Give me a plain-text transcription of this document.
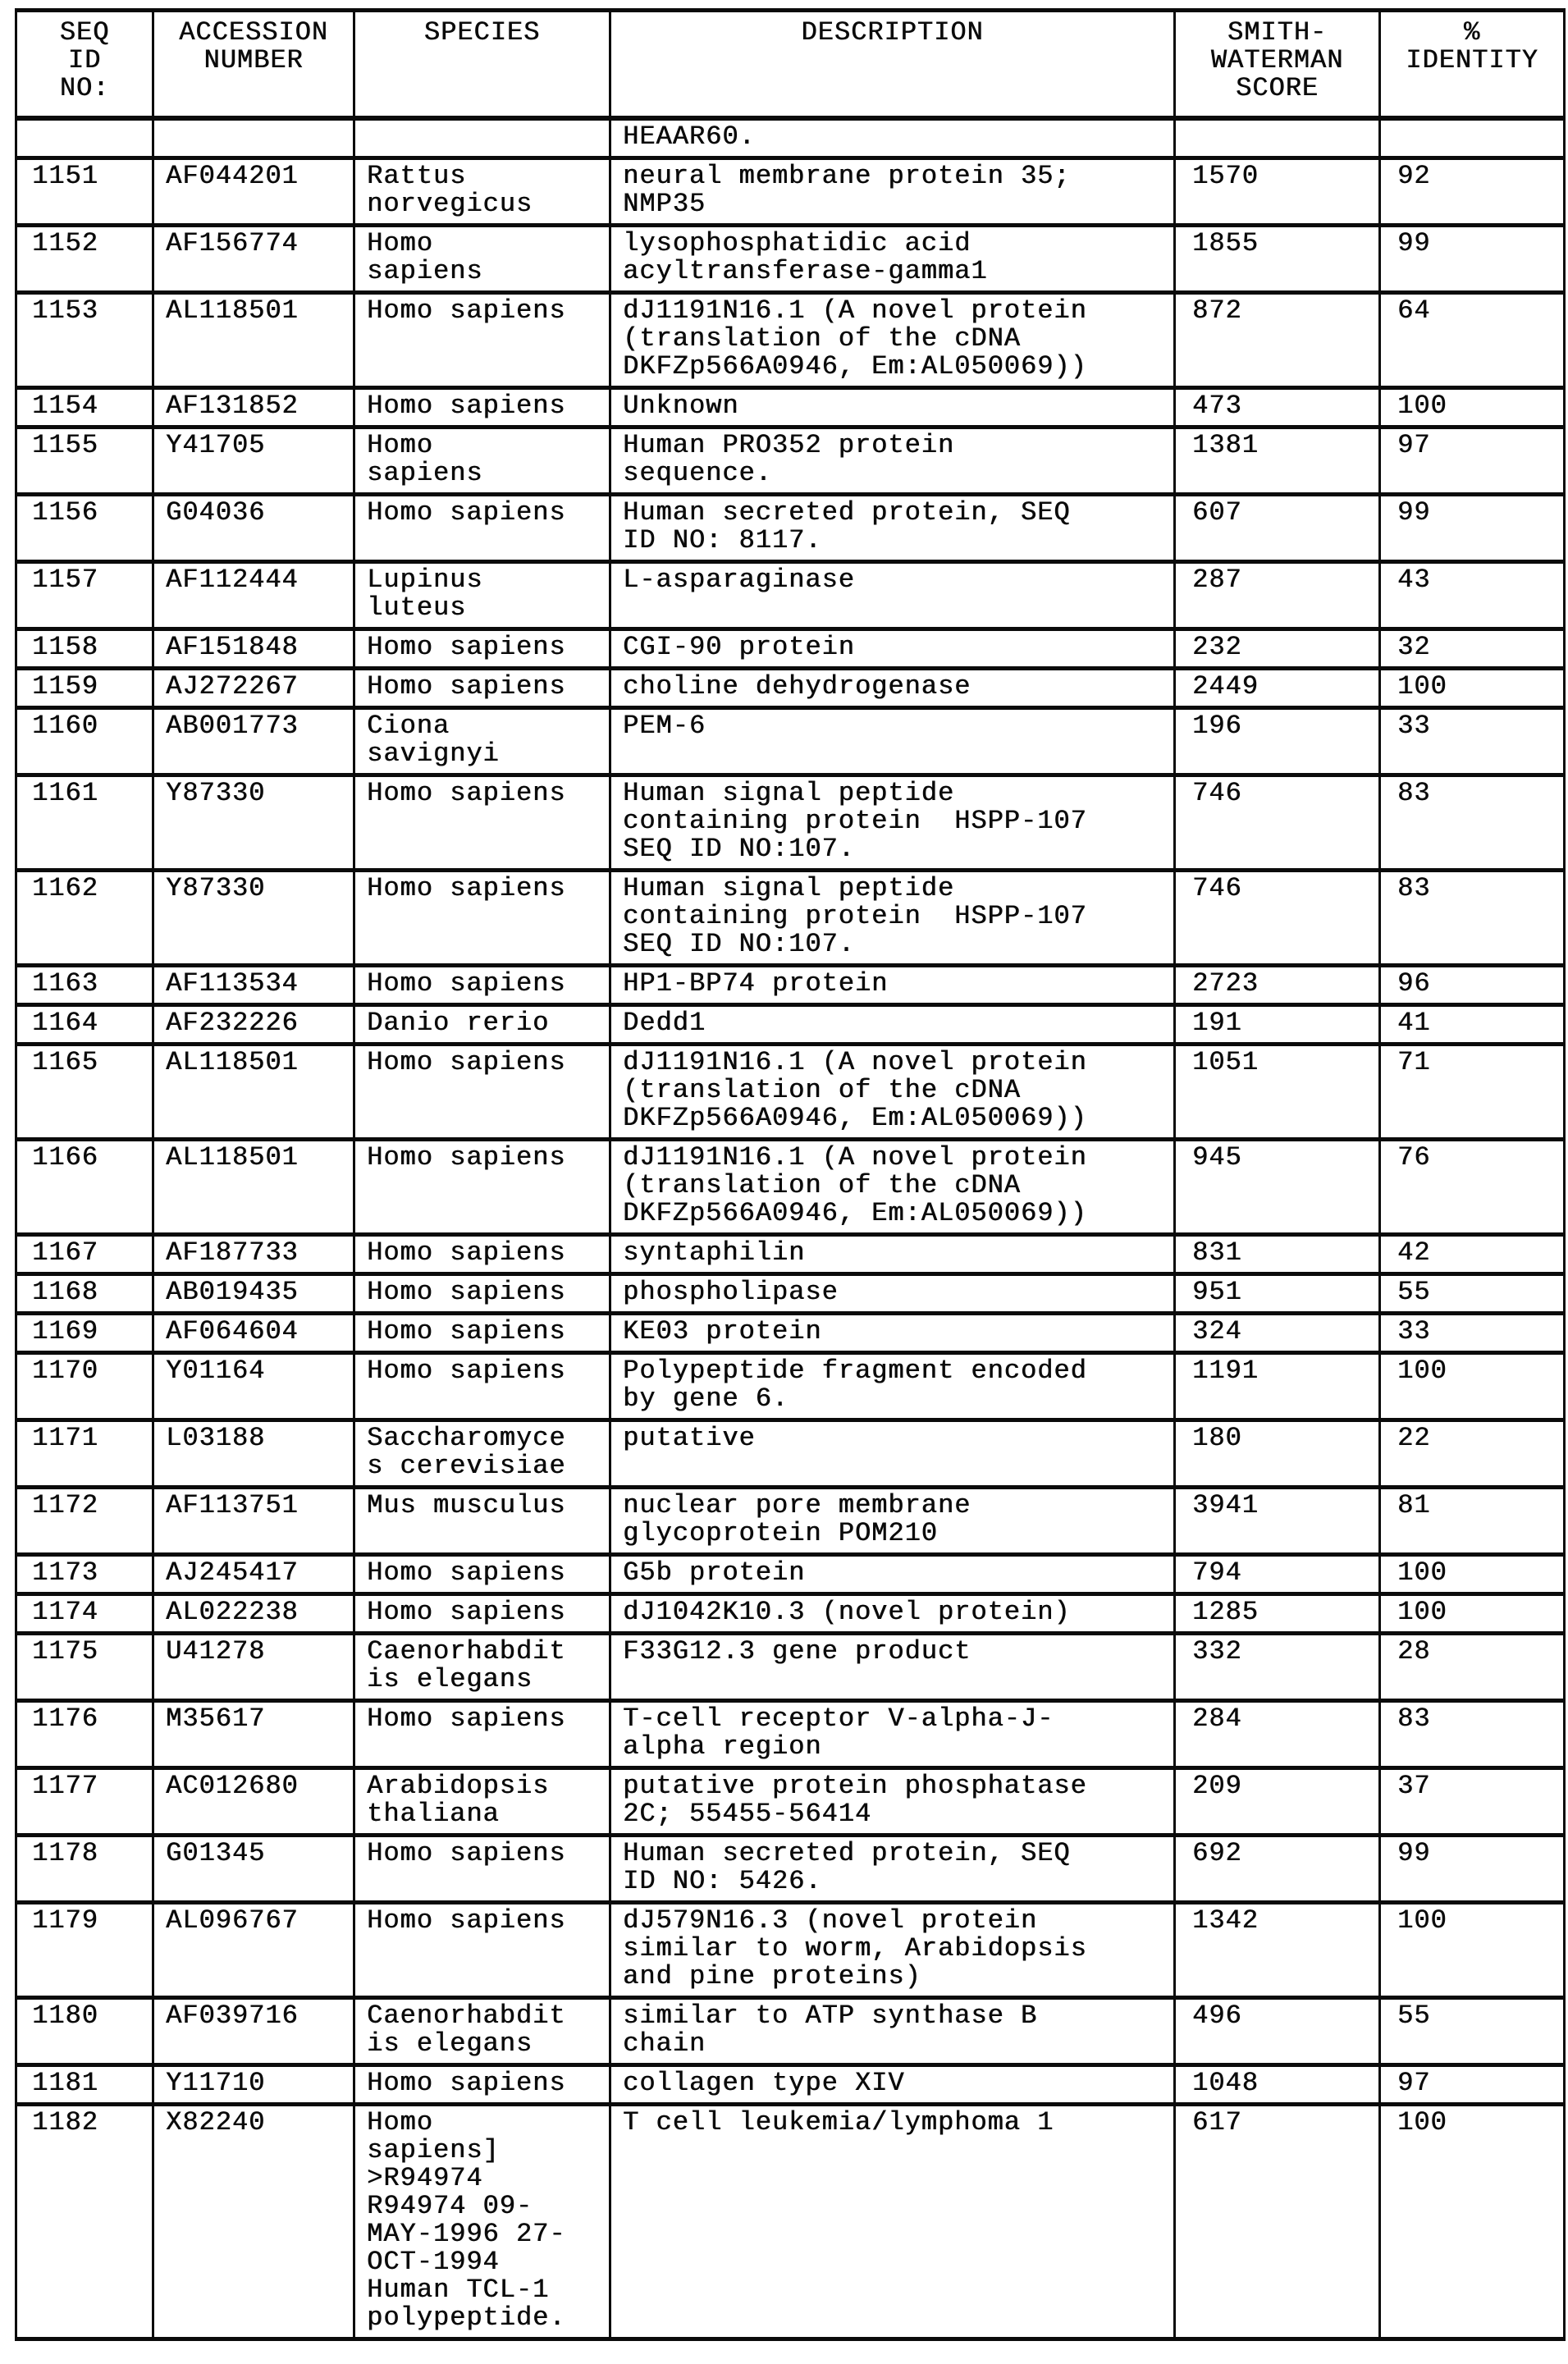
SEQ
ID
NO:	ACCESSION
NUMBER	SPECIES	DESCRIPTION	SMITH-
WATERMAN
SCORE	%
IDENTITY
			HEAAR60.		
1151	AF044201	Rattus
norvegicus	neural membrane protein 35;
NMP35	1570	92
1152	AF156774	Homo
sapiens	lysophosphatidic acid
acyltransferase-gamma1	1855	99
1153	AL118501	Homo sapiens	dJ1191N16.1 (A novel protein
(translation of the cDNA
DKFZp566A0946, Em:AL050069))	872	64
1154	AF131852	Homo sapiens	Unknown	473	100
1155	Y41705	Homo
sapiens	Human PRO352 protein
sequence.	1381	97
1156	G04036	Homo sapiens	Human secreted protein, SEQ
ID NO: 8117.	607	99
1157	AF112444	Lupinus
luteus	L-asparaginase	287	43
1158	AF151848	Homo sapiens	CGI-90 protein	232	32
1159	AJ272267	Homo sapiens	choline dehydrogenase	2449	100
1160	AB001773	Ciona
savignyi	PEM-6	196	33
1161	Y87330	Homo sapiens	Human signal peptide
containing protein  HSPP-107
SEQ ID NO:107.	746	83
1162	Y87330	Homo sapiens	Human signal peptide
containing protein  HSPP-107
SEQ ID NO:107.	746	83
1163	AF113534	Homo sapiens	HP1-BP74 protein	2723	96
1164	AF232226	Danio rerio	Dedd1	191	41
1165	AL118501	Homo sapiens	dJ1191N16.1 (A novel protein
(translation of the cDNA
DKFZp566A0946, Em:AL050069))	1051	71
1166	AL118501	Homo sapiens	dJ1191N16.1 (A novel protein
(translation of the cDNA
DKFZp566A0946, Em:AL050069))	945	76
1167	AF187733	Homo sapiens	syntaphilin	831	42
1168	AB019435	Homo sapiens	phospholipase	951	55
1169	AF064604	Homo sapiens	KE03 protein	324	33
1170	Y01164	Homo sapiens	Polypeptide fragment encoded
by gene 6.	1191	100
1171	L03188	Saccharomyce
s cerevisiae	putative	180	22
1172	AF113751	Mus musculus	nuclear pore membrane
glycoprotein POM210	3941	81
1173	AJ245417	Homo sapiens	G5b protein	794	100
1174	AL022238	Homo sapiens	dJ1042K10.3 (novel protein)	1285	100
1175	U41278	Caenorhabdit
is elegans	F33G12.3 gene product	332	28
1176	M35617	Homo sapiens	T-cell receptor V-alpha-J-
alpha region	284	83
1177	AC012680	Arabidopsis
thaliana	putative protein phosphatase
2C; 55455-56414	209	37
1178	G01345	Homo sapiens	Human secreted protein, SEQ
ID NO: 5426.	692	99
1179	AL096767	Homo sapiens	dJ579N16.3 (novel protein
similar to worm, Arabidopsis
and pine proteins)	1342	100
1180	AF039716	Caenorhabdit
is elegans	similar to ATP synthase B
chain	496	55
1181	Y11710	Homo sapiens	collagen type XIV	1048	97
1182	X82240	Homo
sapiens]
>R94974
R94974 09-
MAY-1996 27-
OCT-1994
Human TCL-1
polypeptide.	T cell leukemia/lymphoma 1	617	100
